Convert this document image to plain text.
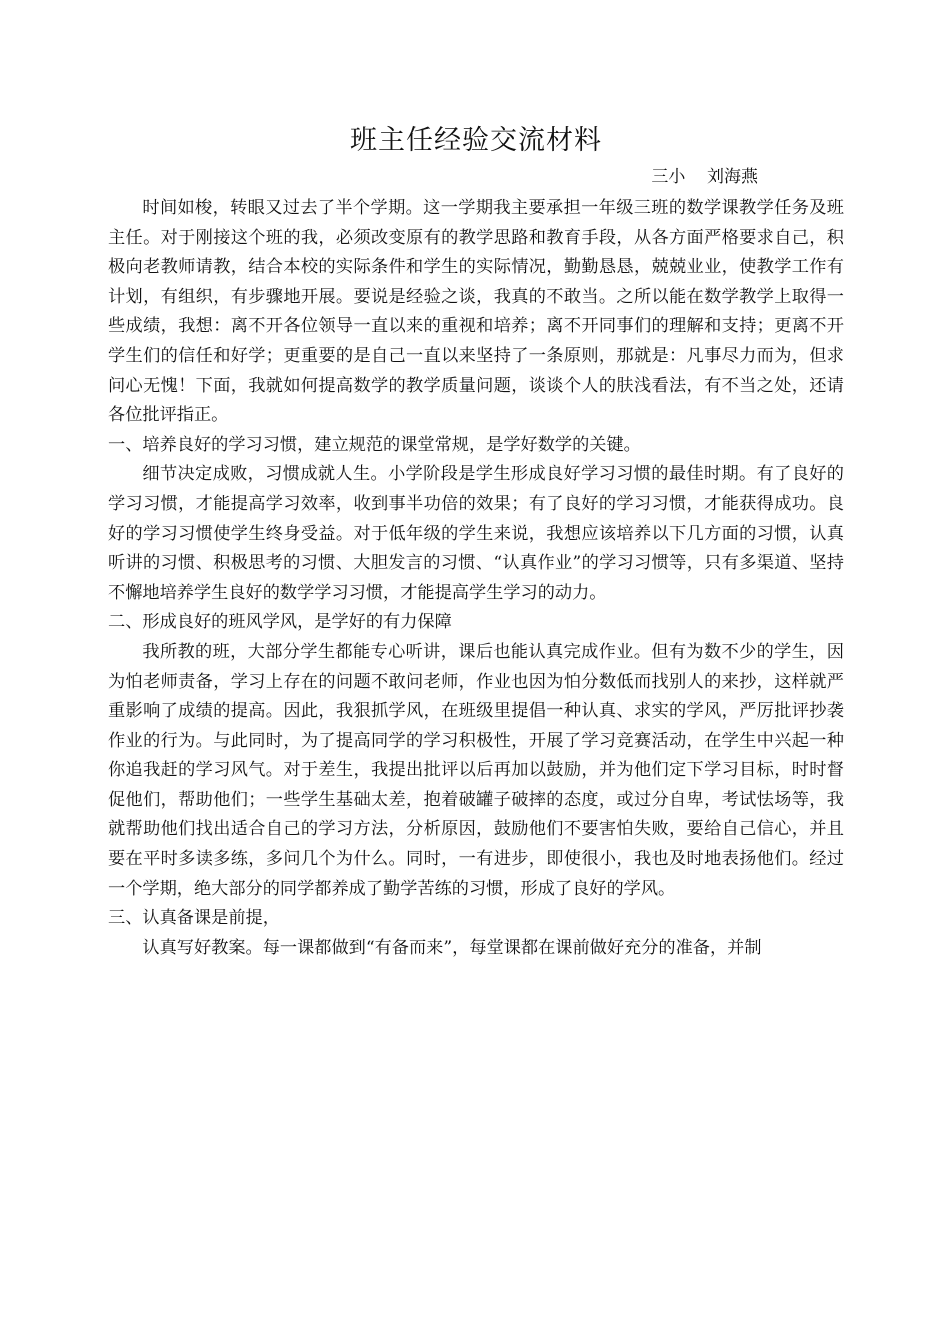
班主任经验交流材料
三小    刘海燕

时间如梭，转眼又过去了半个学期。这一学期我主要承担一年级三班的数学课教学任务及班主任。对于刚接这个班的我，必须改变原有的教学思路和教育手段，从各方面严格要求自己，积极向老教师请教，结合本校的实际条件和学生的实际情况，勤勤恳恳，兢兢业业，使教学工作有计划，有组织，有步骤地开展。要说是经验之谈，我真的不敢当。之所以能在数学教学上取得一些成绩，我想：离不开各位领导一直以来的重视和培养；离不开同事们的理解和支持；更离不开学生们的信任和好学；更重要的是自己一直以来坚持了一条原则，那就是：凡事尽力而为，但求问心无愧！下面，我就如何提高数学的教学质量问题，谈谈个人的肤浅看法，有不当之处，还请各位批评指正。

一、培养良好的学习习惯，建立规范的课堂常规，是学好数学的关键。

细节决定成败，习惯成就人生。小学阶段是学生形成良好学习习惯的最佳时期。有了良好的学习习惯，才能提高学习效率，收到事半功倍的效果；有了良好的学习习惯，才能获得成功。良好的学习习惯使学生终身受益。对于低年级的学生来说，我想应该培养以下几方面的习惯，认真听讲的习惯、积极思考的习惯、大胆发言的习惯、“认真作业”的学习习惯等，只有多渠道、坚持不懈地培养学生良好的数学学习习惯，才能提高学生学习的动力。

二、形成良好的班风学风，是学好的有力保障

我所教的班，大部分学生都能专心听讲，课后也能认真完成作业。但有为数不少的学生，因为怕老师责备，学习上存在的问题不敢问老师，作业也因为怕分数低而找别人的来抄，这样就严重影响了成绩的提高。因此，我狠抓学风，在班级里提倡一种认真、求实的学风，严厉批评抄袭作业的行为。与此同时，为了提高同学的学习积极性，开展了学习竞赛活动，在学生中兴起一种你追我赶的学习风气。对于差生，我提出批评以后再加以鼓励，并为他们定下学习目标，时时督促他们，帮助他们；一些学生基础太差，抱着破罐子破摔的态度，或过分自卑，考试怯场等，我就帮助他们找出适合自己的学习方法，分析原因，鼓励他们不要害怕失败，要给自己信心，并且要在平时多读多练，多问几个为什么。同时，一有进步，即使很小，我也及时地表扬他们。经过一个学期，绝大部分的同学都养成了勤学苦练的习惯，形成了良好的学风。

三、认真备课是前提，

认真写好教案。每一课都做到“有备而来”，每堂课都在课前做好充分的准备，并制
